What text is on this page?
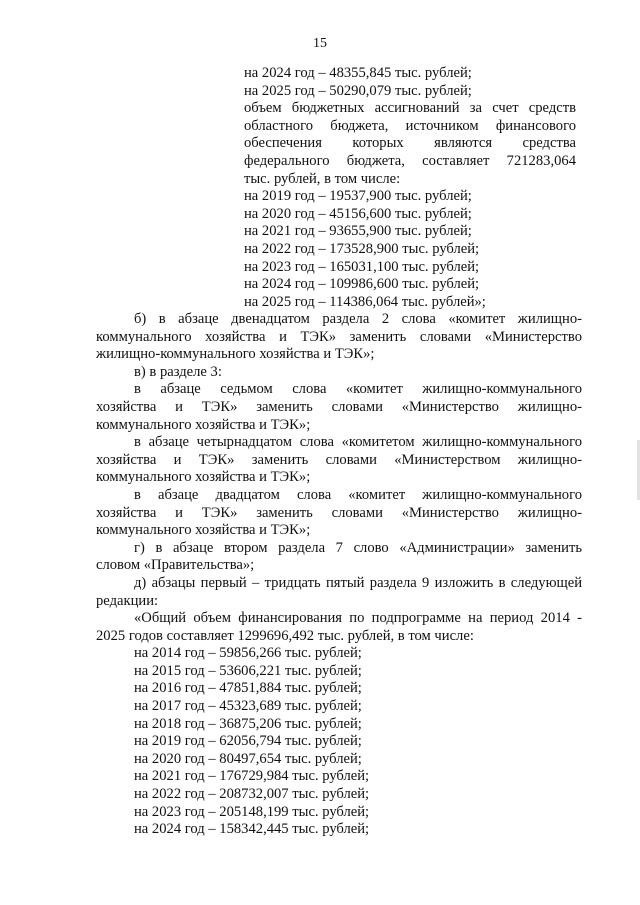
15
на 2024 год – 48355,845 тыс. рублей;
на 2025 год – 50290,079 тыс. рублей;
объем бюджетных ассигнований за счет средств
областного бюджета, источником финансового
обеспечения которых являются средства
федерального бюджета, составляет 721283,064
тыс. рублей, в том числе:
на 2019 год – 19537,900 тыс. рублей;
на 2020 год – 45156,600 тыс. рублей;
на 2021 год – 93655,900 тыс. рублей;
на 2022 год – 173528,900 тыс. рублей;
на 2023 год – 165031,100 тыс. рублей;
на 2024 год – 109986,600 тыс. рублей;
на 2025 год – 114386,064 тыс. рублей»;
б) в абзаце двенадцатом раздела 2 слова «комитет жилищно-
коммунального хозяйства и ТЭК» заменить словами «Министерство
жилищно-коммунального хозяйства и ТЭК»;
в) в разделе 3:
в абзаце седьмом слова «комитет жилищно-коммунального
хозяйства и ТЭК» заменить словами «Министерство жилищно-
коммунального хозяйства и ТЭК»;
в абзаце четырнадцатом слова «комитетом жилищно-коммунального
хозяйства и ТЭК» заменить словами «Министерством жилищно-
коммунального хозяйства и ТЭК»;
в абзаце двадцатом слова «комитет жилищно-коммунального
хозяйства и ТЭК» заменить словами «Министерство жилищно-
коммунального хозяйства и ТЭК»;
г) в абзаце втором раздела 7 слово «Администрации» заменить
словом «Правительства»;
д) абзацы первый – тридцать пятый раздела 9 изложить в следующей
редакции:
«Общий объем финансирования по подпрограмме на период 2014 -
2025 годов составляет 1299696,492 тыс. рублей, в том числе:
на 2014 год – 59856,266 тыс. рублей;
на 2015 год – 53606,221 тыс. рублей;
на 2016 год – 47851,884 тыс. рублей;
на 2017 год – 45323,689 тыс. рублей;
на 2018 год – 36875,206 тыс. рублей;
на 2019 год – 62056,794 тыс. рублей;
на 2020 год – 80497,654 тыс. рублей;
на 2021 год – 176729,984 тыс. рублей;
на 2022 год – 208732,007 тыс. рублей;
на 2023 год – 205148,199 тыс. рублей;
на 2024 год – 158342,445 тыс. рублей;
